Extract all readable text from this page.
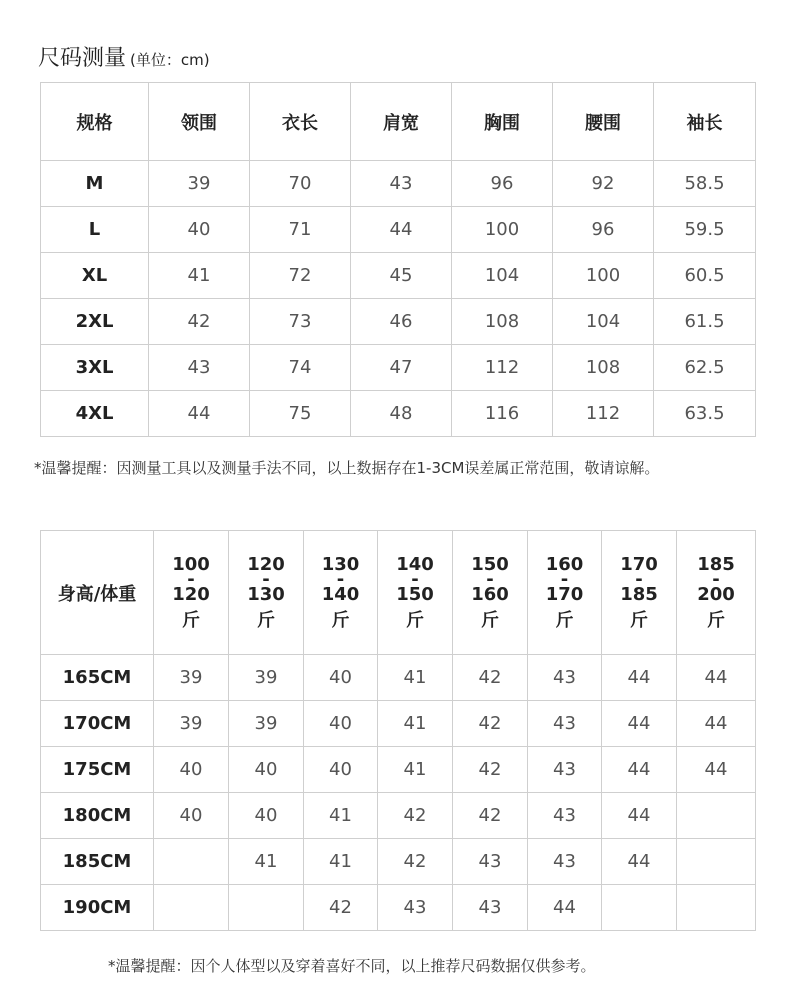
尺码测量 (单位：cm)
规格	领围	衣长	肩宽	胸围	腰围	袖长
M	39	70	43	96	92	58.5
L	40	71	44	100	96	59.5
XL	41	72	45	104	100	60.5
2XL	42	73	46	108	104	61.5
3XL	43	74	47	112	108	62.5
4XL	44	75	48	116	112	63.5
*温馨提醒：因测量工具以及测量手法不同，以上数据存在1-3CM误差属正常范围，敬请谅解。
身高/体重	100
-
120
斤	120
-
130
斤	130
-
140
斤	140
-
150
斤	150
-
160
斤	160
-
170
斤	170
-
185
斤	185
-
200
斤

165CM	39	39	40	41	42	43	44	44
170CM	39	39	40	41	42	43	44	44
175CM	40	40	40	41	42	43	44	44
180CM	40	40	41	42	42	43	44	
185CM		41	41	42	43	43	44	
190CM			42	43	43	44		
*温馨提醒：因个人体型以及穿着喜好不同，以上推荐尺码数据仅供参考。
